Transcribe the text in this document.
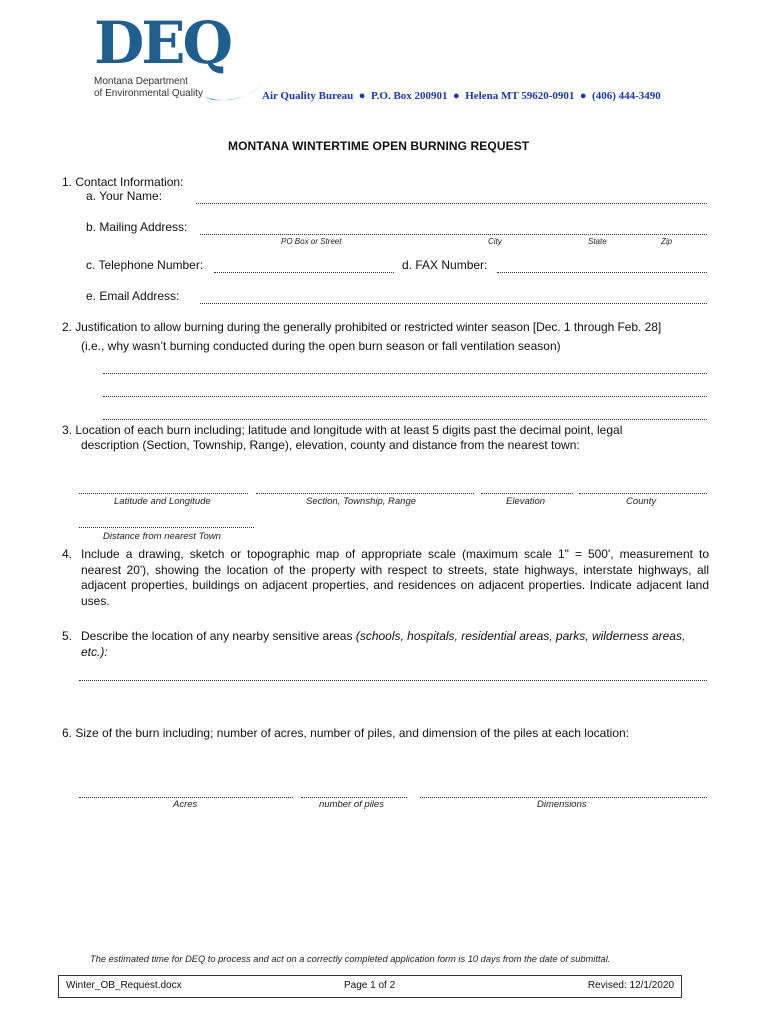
DEQ
Montana Department
of Environmental Quality	Air Quality Bureau  ●  P.O. Box 200901  ●  Helena MT 59620-0901  ●  (406) 444-3490
MONTANA WINTERTIME OPEN BURNING REQUEST
1. Contact Information:
a. Your Name:
b. Mailing Address:
PO Box or Street	City	State	Zip
c. Telephone Number:	d. FAX Number:
e. Email Address:
2. Justification to allow burning during the generally prohibited or restricted winter season [Dec. 1 through Feb. 28]
(i.e., why wasn’t burning conducted during the open burn season or fall ventilation season)
3. Location of each burn including; latitude and longitude with at least 5 digits past the decimal point, legal
description (Section, Township, Range), elevation, county and distance from the nearest town:
Latitude and Longitude	Section, Township, Range	Elevation	County
Distance from nearest Town
4. Include a drawing, sketch or topographic map of appropriate scale (maximum scale 1" = 500', measurement to nearest 20'), showing the location of the property with respect to streets, state highways, interstate highways, all adjacent properties, buildings on adjacent properties, and residences on adjacent properties. Indicate adjacent land uses.
5. Describe the location of any nearby sensitive areas (schools, hospitals, residential areas, parks, wilderness areas, etc.):
6. Size of the burn including; number of acres, number of piles, and dimension of the piles at each location:
Acres	number of piles	Dimensions
The estimated time for DEQ to process and act on a correctly completed application form is 10 days from the date of submittal.
Winter_OB_Request.docx	Page 1 of 2	Revised: 12/1/2020
